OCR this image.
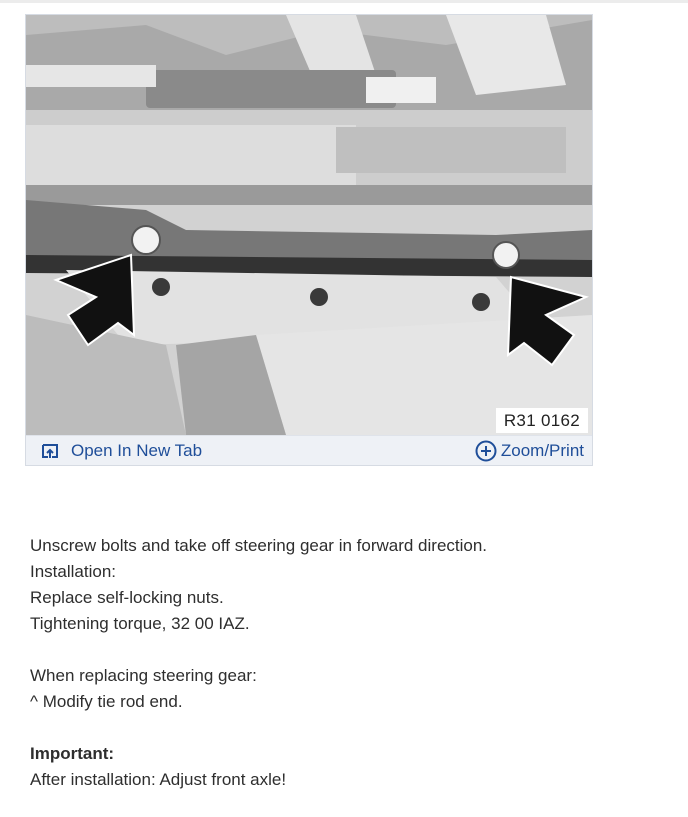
R31 0162
Open In New Tab	Zoom/Print

Unscrew bolts and take off steering gear in forward direction.

Installation:

Replace self-locking nuts.

Tightening torque, 32 00 IAZ.

When replacing steering gear:

^ Modify tie rod end.

Important:

After installation: Adjust front axle!
